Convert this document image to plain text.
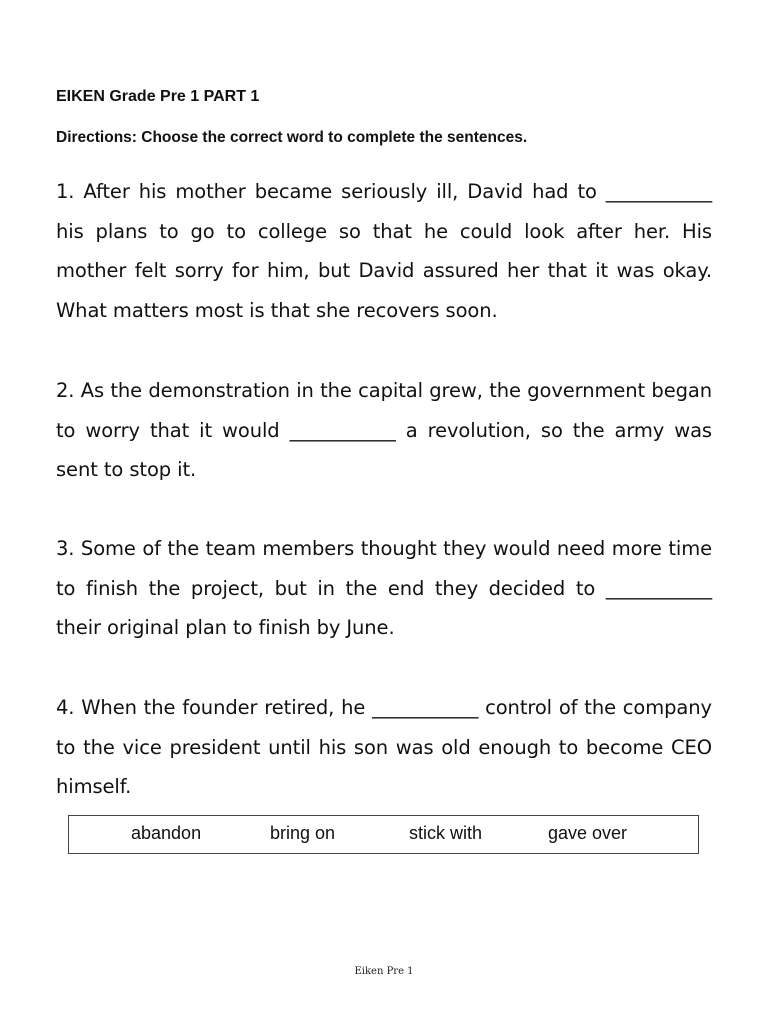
EIKEN Grade Pre 1 PART 1

Directions: Choose the correct word to complete the sentences.

1. After his mother became seriously ill, David had to ___________ his plans to go to college so that he could look after her. His mother felt sorry for him, but David assured her that it was okay. What matters most is that she recovers soon.

2. As the demonstration in the capital grew, the government began to worry that it would ___________ a revolution, so the army was sent to stop it.

3. Some of the team members thought they would need more time to finish the project, but in the end they decided to ___________ their original plan to finish by June.

4. When the founder retired, he ___________ control of the company to the vice president until his son was old enough to become CEO himself.

abandon	bring on	stick with	gave over
Eiken Pre 1
